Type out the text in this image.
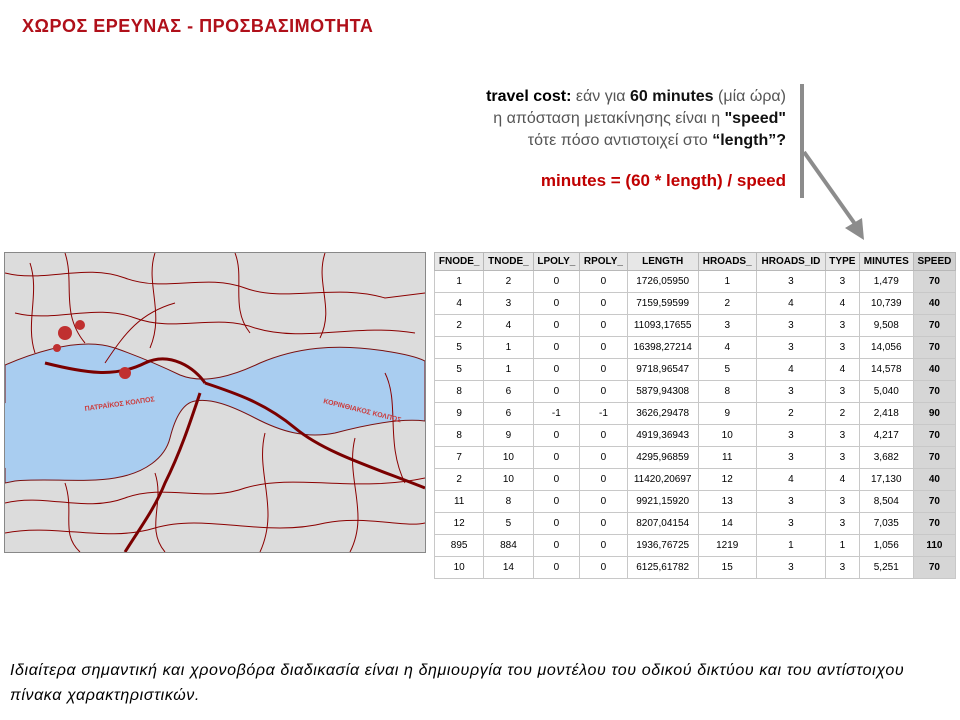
ΧΩΡΟΣ ΕΡΕΥΝΑΣ - ΠΡΟΣΒΑΣΙΜΟΤΗΤΑ
travel cost: εάν για 60 minutes (μία ώρα)
η απόσταση μετακίνησης είναι η "speed"
τότε πόσο αντιστοιχεί στο “length”?
minutes = (60 * length) / speed
ΠΑΤΡΑΪΚΟΣ ΚΟΛΠΟΣ	ΚΟΡΙΝΘΙΑΚΟΣ ΚΟΛΠΟΣ
FNODE_	TNODE_	LPOLY_	RPOLY_	LENGTH	HROADS_	HROADS_ID	TYPE	MINUTES	SPEED
1	2	0	0	1726,05950	1	3	3	1,479	70
4	3	0	0	7159,59599	2	4	4	10,739	40
2	4	0	0	11093,17655	3	3	3	9,508	70
5	1	0	0	16398,27214	4	3	3	14,056	70
5	1	0	0	9718,96547	5	4	4	14,578	40
8	6	0	0	5879,94308	8	3	3	5,040	70
9	6	-1	-1	3626,29478	9	2	2	2,418	90
8	9	0	0	4919,36943	10	3	3	4,217	70
7	10	0	0	4295,96859	11	3	3	3,682	70
2	10	0	0	11420,20697	12	4	4	17,130	40
11	8	0	0	9921,15920	13	3	3	8,504	70
12	5	0	0	8207,04154	14	3	3	7,035	70
895	884	0	0	1936,76725	1219	1	1	1,056	110
10	14	0	0	6125,61782	15	3	3	5,251	70
Ιδιαίτερα σημαντική και χρονοβόρα διαδικασία είναι η δημιουργία του μοντέλου του οδικού δικτύου και του αντίστοιχου πίνακα χαρακτηριστικών.
